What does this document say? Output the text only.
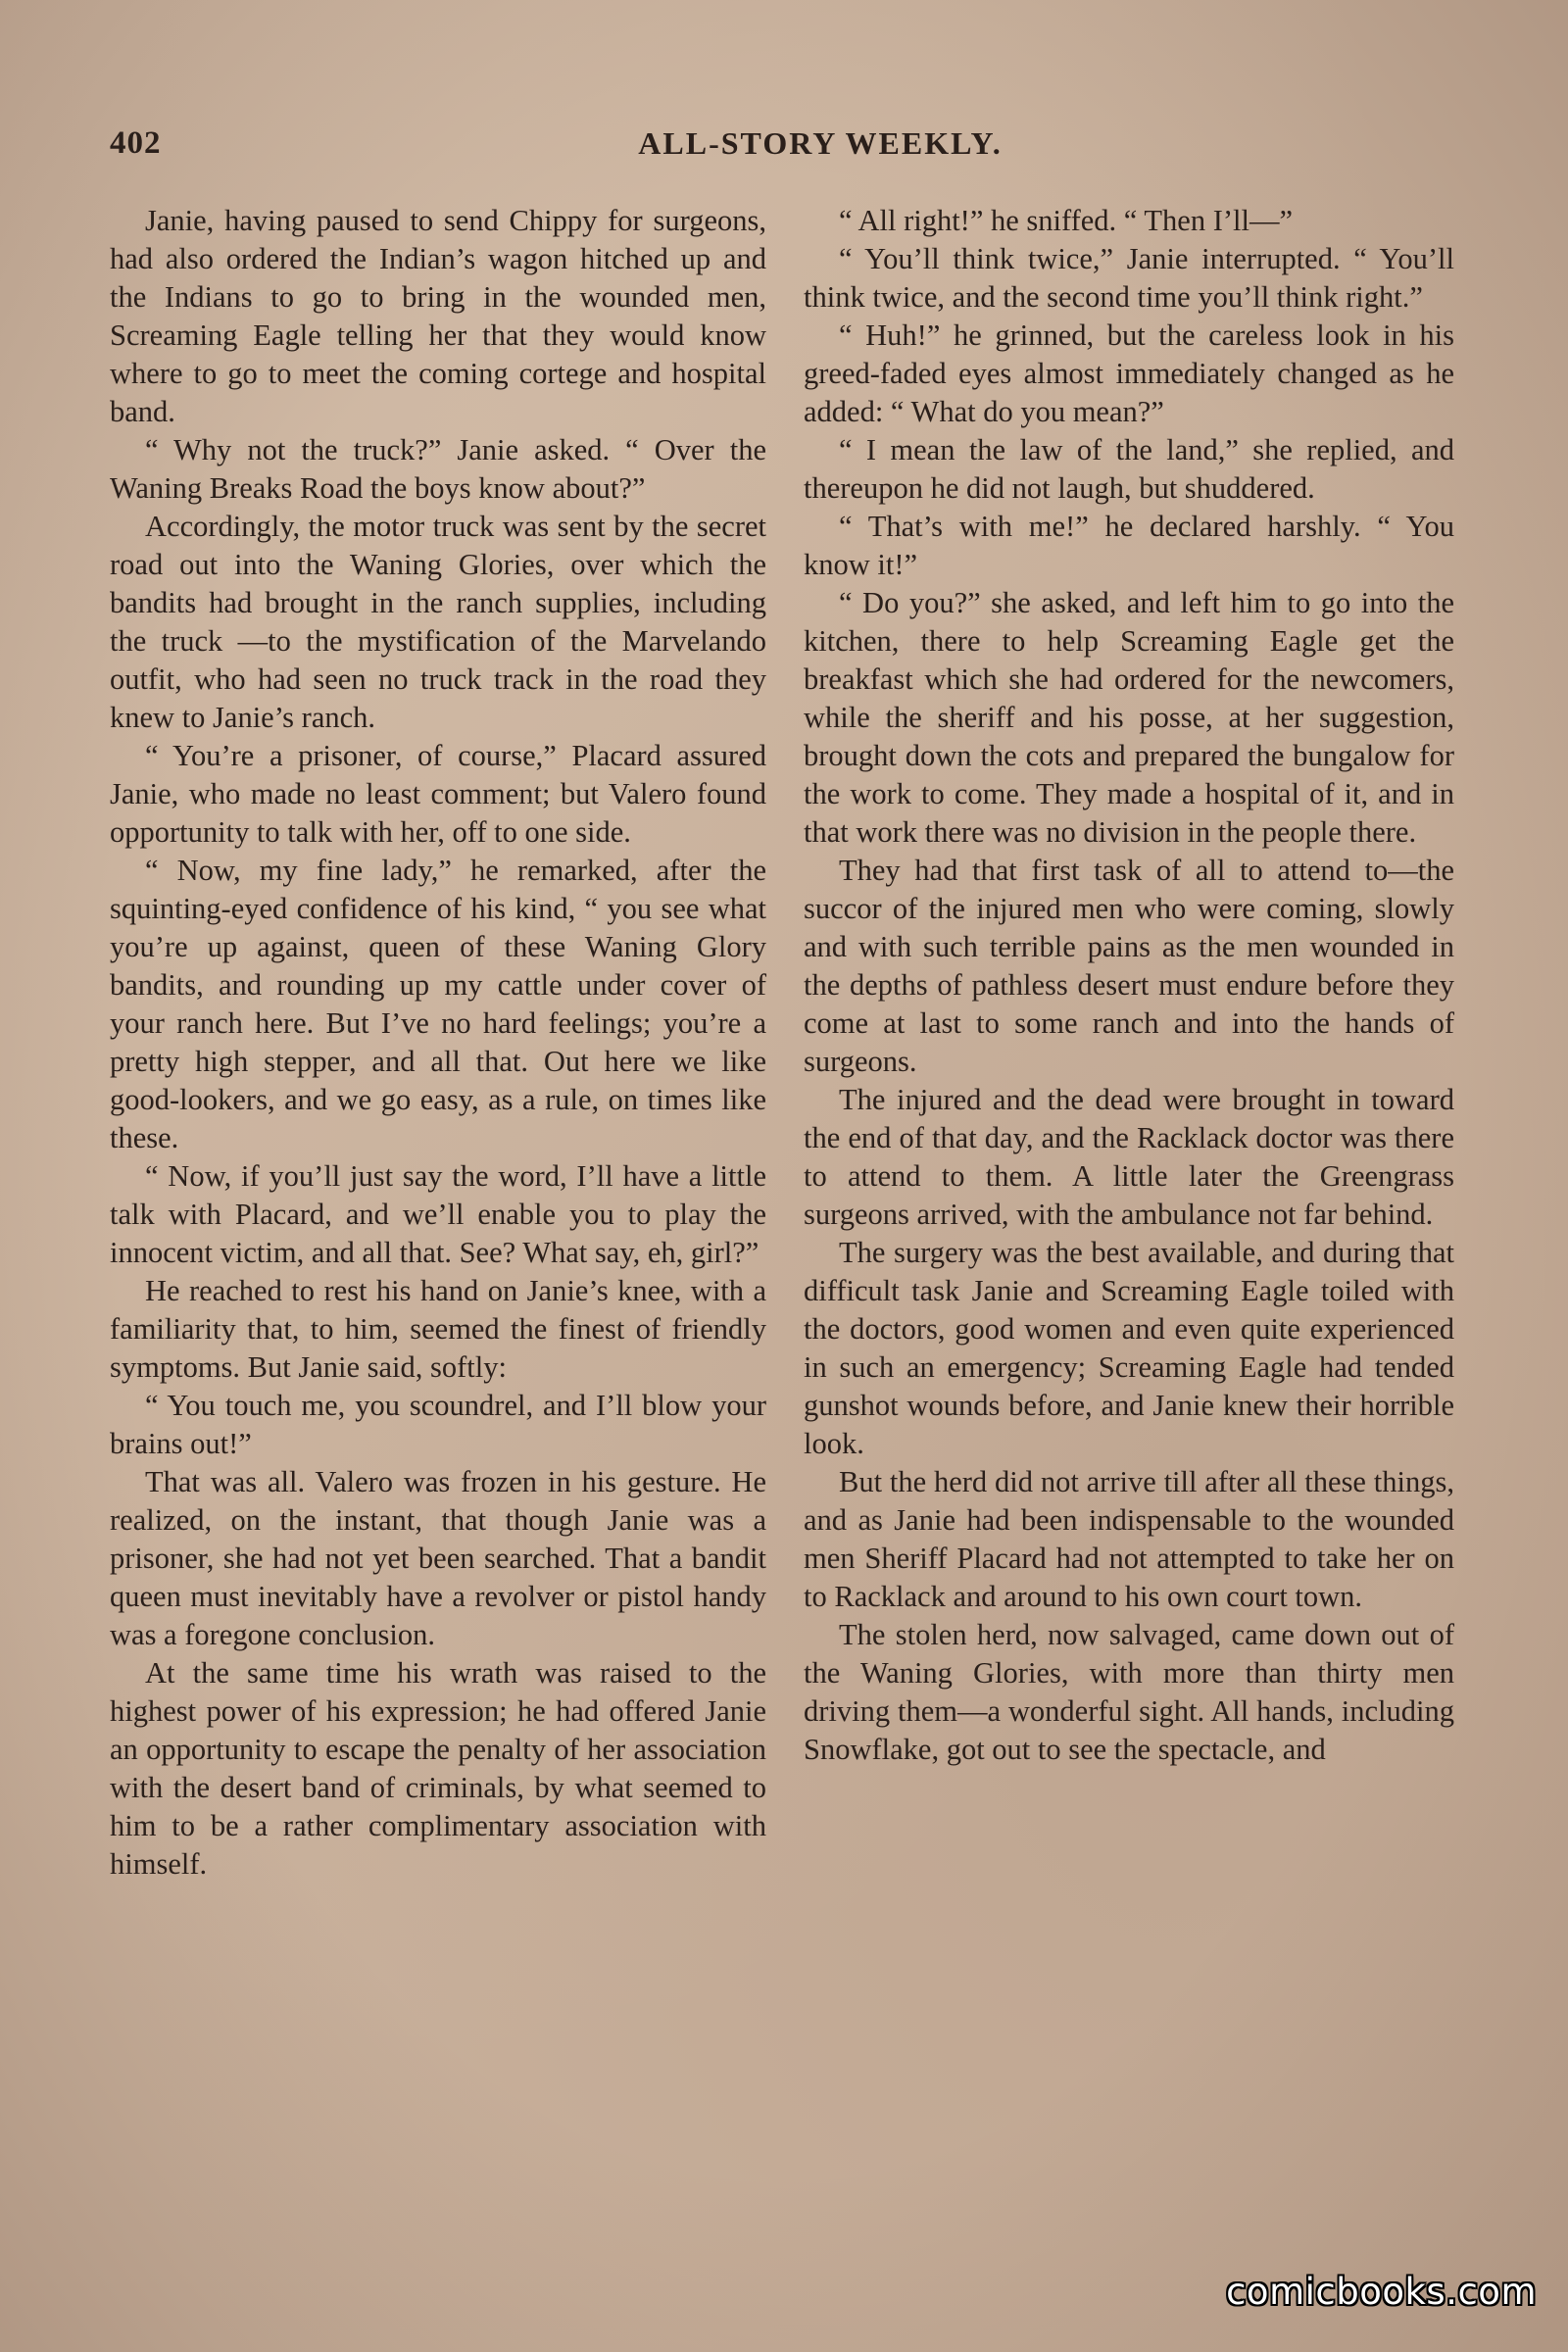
402	ALL-STORY WEEKLY.

Janie, having paused to send Chippy for surgeons, had also ordered the Indian’s wagon hitched up and the Indians to go to bring in the wounded men, Screaming Eagle telling her that they would know where to go to meet the coming cortege and hospital band.

“ Why not the truck?” Janie asked. “ Over the Waning Breaks Road the boys know about?”

Accordingly, the motor truck was sent by the secret road out into the Waning Glories, over which the bandits had brought in the ranch supplies, including the truck —to the mystification of the Marvelando outfit, who had seen no truck track in the road they knew to Janie’s ranch.

“ You’re a prisoner, of course,” Placard assured Janie, who made no least comment; but Valero found opportunity to talk with her, off to one side.

“ Now, my fine lady,” he remarked, after the squinting-eyed confidence of his kind, “ you see what you’re up against, queen of these Waning Glory bandits, and rounding up my cattle under cover of your ranch here. But I’ve no hard feelings; you’re a pretty high stepper, and all that. Out here we like good-lookers, and we go easy, as a rule, on times like these.

“ Now, if you’ll just say the word, I’ll have a little talk with Placard, and we’ll enable you to play the innocent victim, and all that. See? What say, eh, girl?”

He reached to rest his hand on Janie’s knee, with a familiarity that, to him, seemed the finest of friendly symptoms. But Janie said, softly:

“ You touch me, you scoundrel, and I’ll blow your brains out!”

That was all. Valero was frozen in his gesture. He realized, on the instant, that though Janie was a prisoner, she had not yet been searched. That a bandit queen must inevitably have a revolver or pistol handy was a foregone conclusion.

At the same time his wrath was raised to the highest power of his expression; he had offered Janie an opportunity to escape the penalty of her association with the desert band of criminals, by what seemed to him to be a rather complimentary association with himself.

“ All right!” he sniffed. “ Then I’ll—”

“ You’ll think twice,” Janie interrupted. “ You’ll think twice, and the second time you’ll think right.”

“ Huh!” he grinned, but the careless look in his greed-faded eyes almost immediately changed as he added: “ What do you mean?”

“ I mean the law of the land,” she replied, and thereupon he did not laugh, but shuddered.

“ That’s with me!” he declared harshly. “ You know it!”

“ Do you?” she asked, and left him to go into the kitchen, there to help Screaming Eagle get the breakfast which she had ordered for the newcomers, while the sheriff and his posse, at her suggestion, brought down the cots and prepared the bungalow for the work to come. They made a hospital of it, and in that work there was no division in the people there.

They had that first task of all to attend to—the succor of the injured men who were coming, slowly and with such terrible pains as the men wounded in the depths of pathless desert must endure before they come at last to some ranch and into the hands of surgeons.

The injured and the dead were brought in toward the end of that day, and the Racklack doctor was there to attend to them. A little later the Greengrass surgeons arrived, with the ambulance not far behind.

The surgery was the best available, and during that difficult task Janie and Screaming Eagle toiled with the doctors, good women and even quite experienced in such an emergency; Screaming Eagle had tended gunshot wounds before, and Janie knew their horrible look.

But the herd did not arrive till after all these things, and as Janie had been indispensable to the wounded men Sheriff Placard had not attempted to take her on to Racklack and around to his own court town.

The stolen herd, now salvaged, came down out of the Waning Glories, with more than thirty men driving them—a wonderful sight. All hands, including Snowflake, got out to see the spectacle, and

comicbooks.com
